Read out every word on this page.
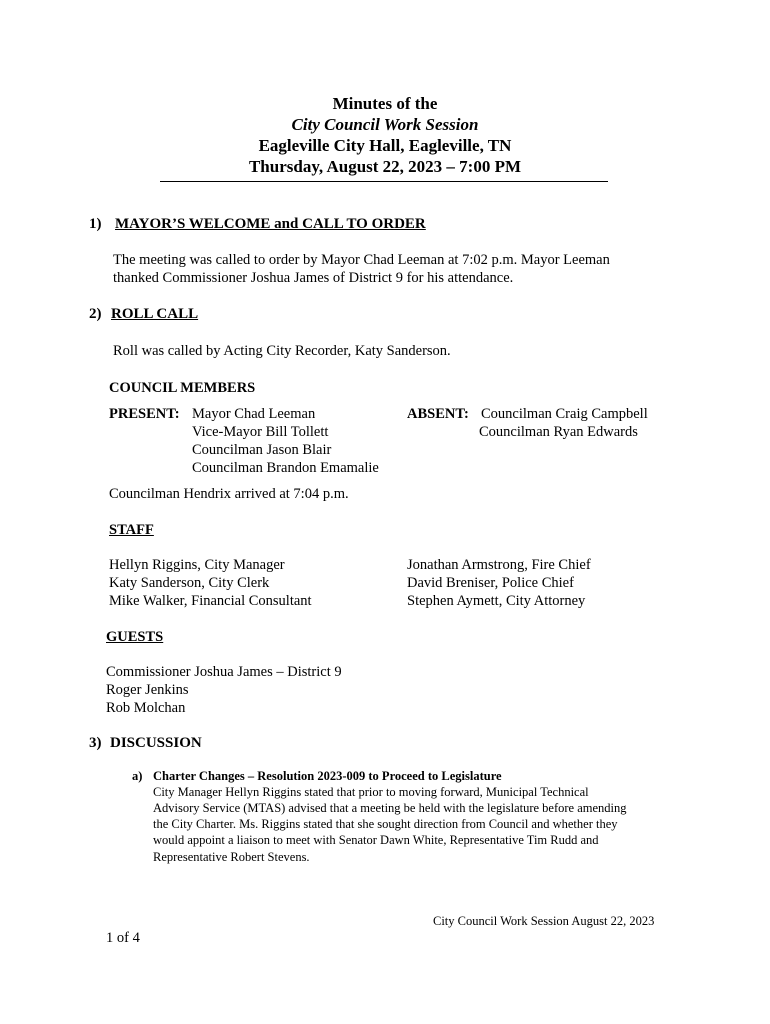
Minutes of the
City Council Work Session
Eagleville City Hall, Eagleville, TN
Thursday, August 22, 2023 – 7:00 PM
1) MAYOR’S WELCOME and CALL TO ORDER
The meeting was called to order by Mayor Chad Leeman at 7:02 p.m. Mayor Leeman
thanked Commissioner Joshua James of District 9 for his attendance.
2) ROLL CALL
Roll was called by Acting City Recorder, Katy Sanderson.
COUNCIL MEMBERS
PRESENT: Mayor Chad Leeman
Vice-Mayor Bill Tollett
Councilman Jason Blair
Councilman Brandon Emamalie
ABSENT: Councilman Craig Campbell
Councilman Ryan Edwards
Councilman Hendrix arrived at 7:04 p.m.
STAFF
Hellyn Riggins, City Manager
Katy Sanderson, City Clerk
Mike Walker, Financial Consultant
Jonathan Armstrong, Fire Chief
David Breniser, Police Chief
Stephen Aymett, City Attorney
GUESTS
Commissioner Joshua James – District 9
Roger Jenkins
Rob Molchan
3) DISCUSSION
a) Charter Changes – Resolution 2023-009 to Proceed to Legislature
City Manager Hellyn Riggins stated that prior to moving forward, Municipal Technical
Advisory Service (MTAS) advised that a meeting be held with the legislature before amending
the City Charter. Ms. Riggins stated that she sought direction from Council and whether they
would appoint a liaison to meet with Senator Dawn White, Representative Tim Rudd and
Representative Robert Stevens.
City Council Work Session August 22, 2023
1 of 4
